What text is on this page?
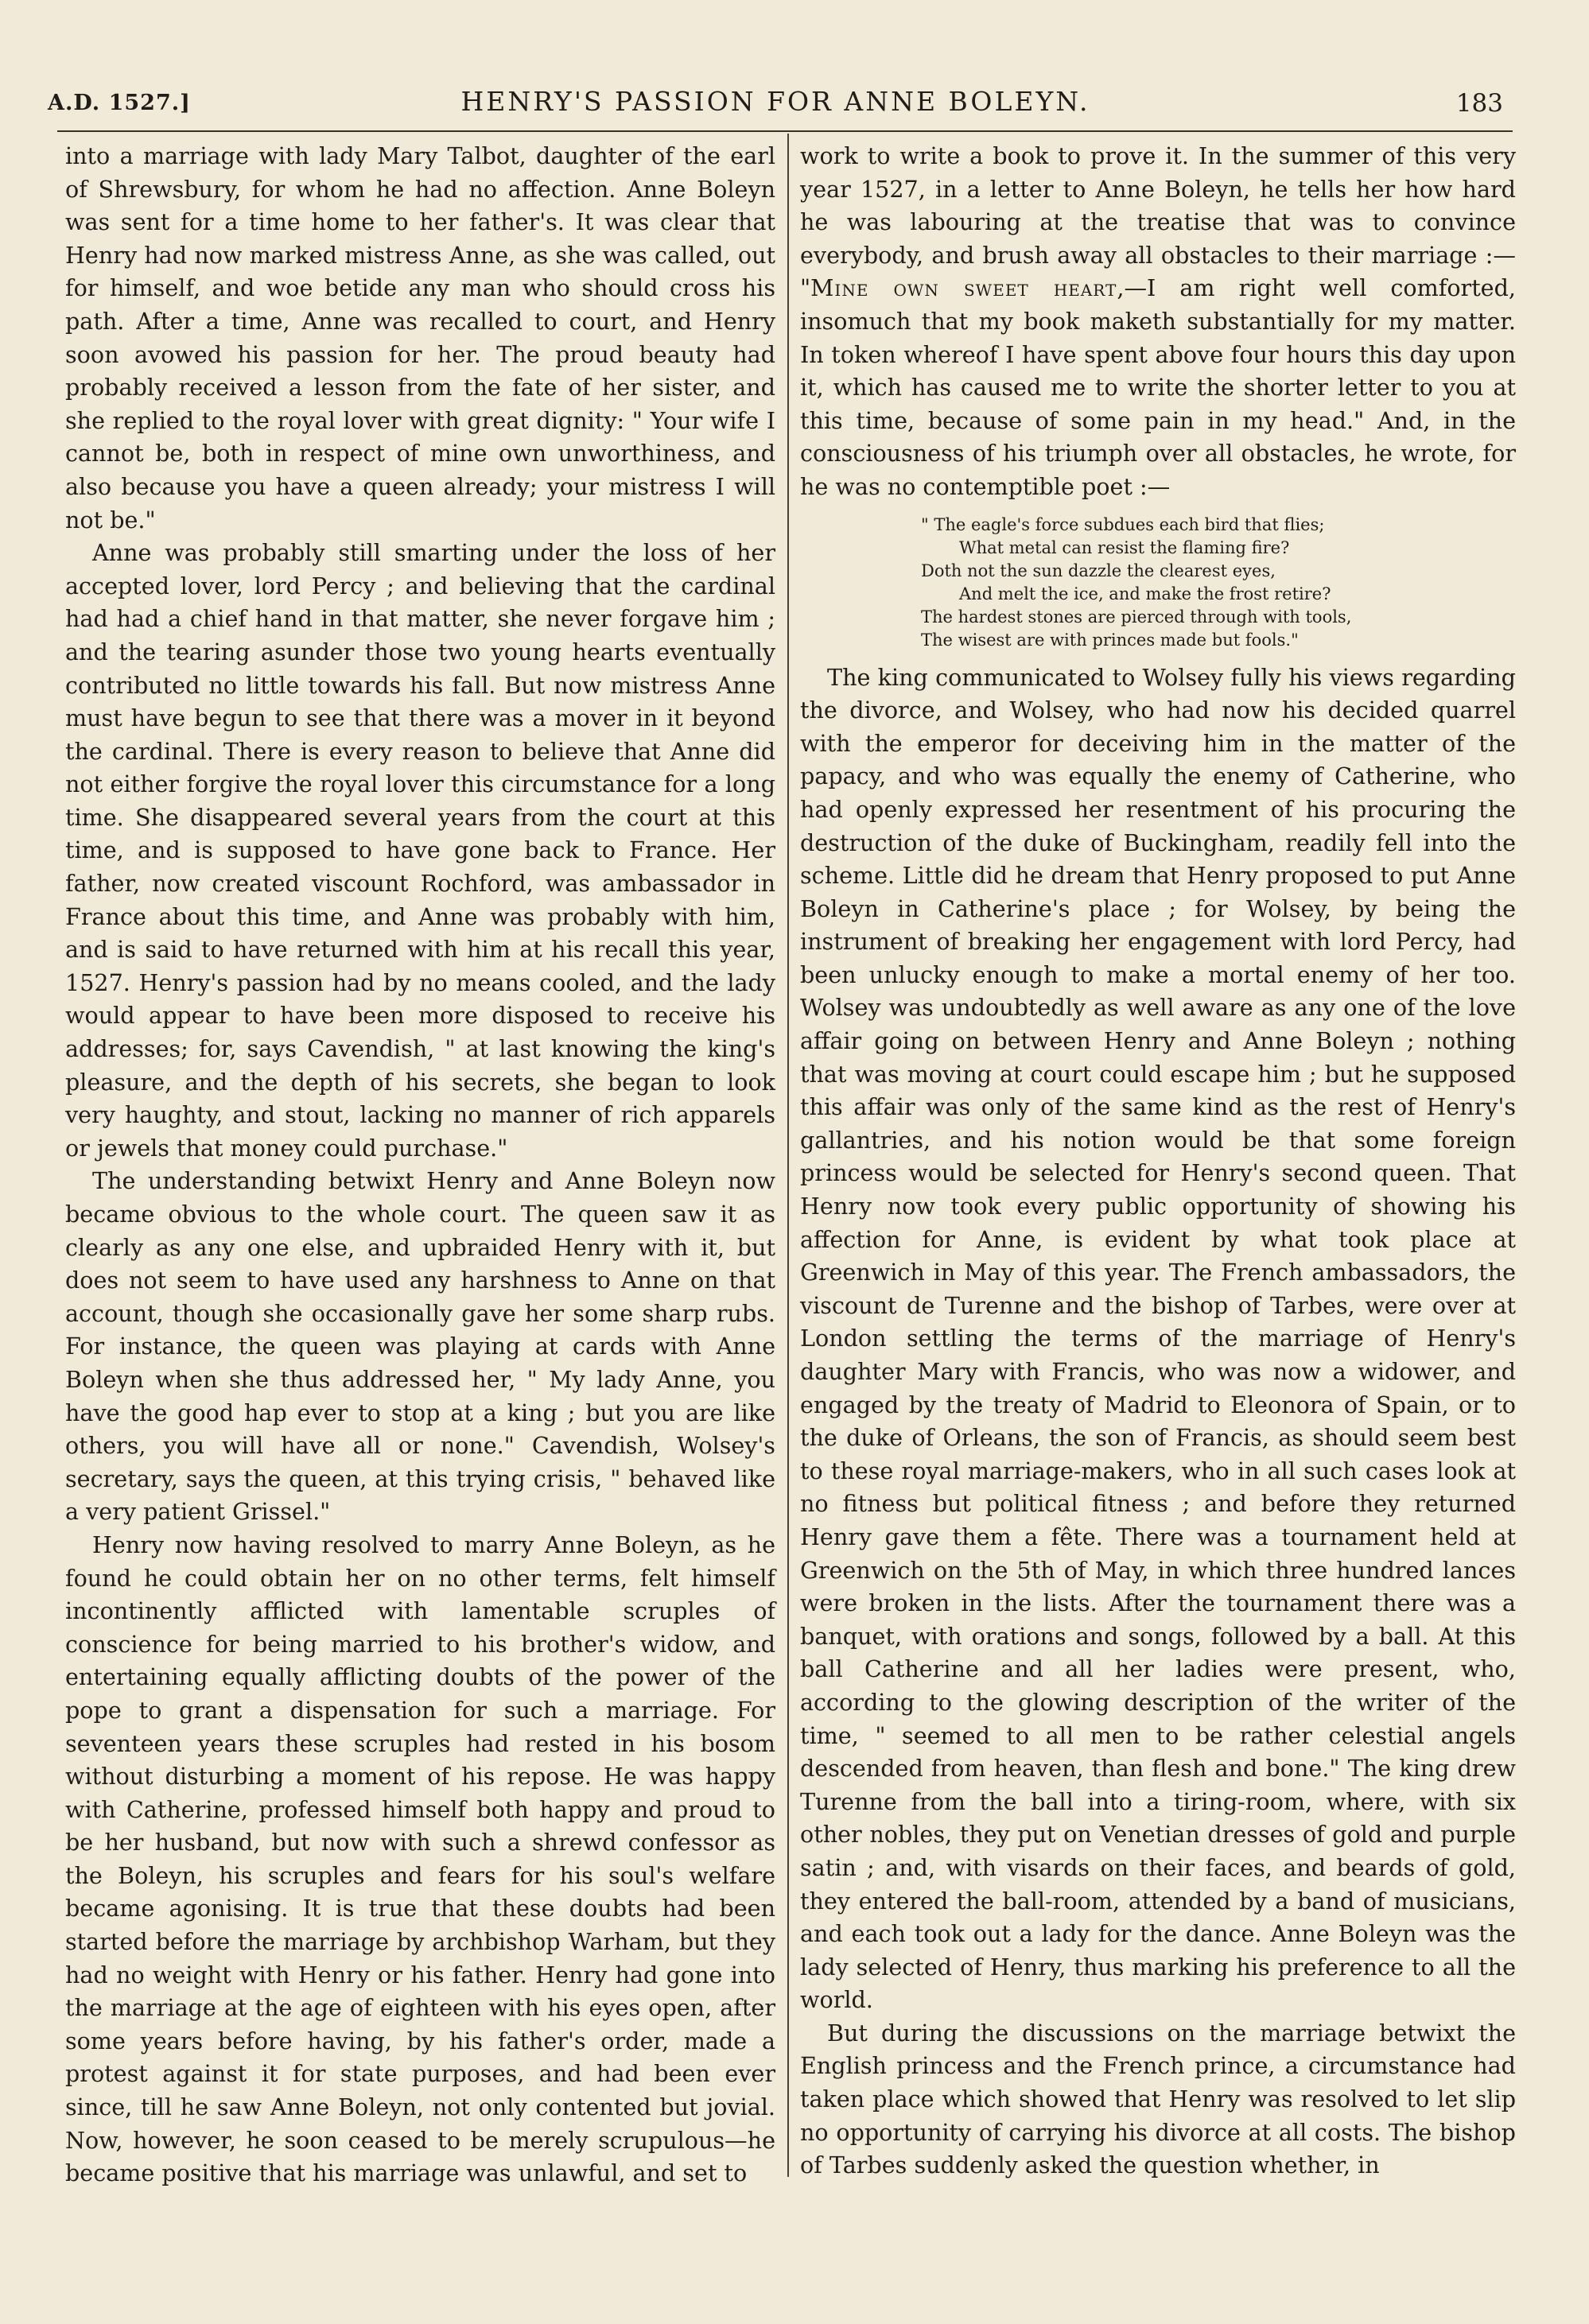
A.D. 1527.]	HENRY'S PASSION FOR ANNE BOLEYN.	183

into a marriage with lady Mary Talbot, daughter of the earl of Shrewsbury, for whom he had no affection. Anne Boleyn was sent for a time home to her father's. It was clear that Henry had now marked mistress Anne, as she was called, out for himself, and woe betide any man who should cross his path. After a time, Anne was recalled to court, and Henry soon avowed his passion for her. The proud beauty had probably received a lesson from the fate of her sister, and she replied to the royal lover with great dignity: " Your wife I cannot be, both in respect of mine own unworthiness, and also because you have a queen already; your mistress I will not be."

Anne was probably still smarting under the loss of her accepted lover, lord Percy ; and believing that the cardinal had had a chief hand in that matter, she never forgave him ; and the tearing asunder those two young hearts eventually contributed no little towards his fall. But now mistress Anne must have begun to see that there was a mover in it beyond the cardinal. There is every reason to believe that Anne did not either forgive the royal lover this circumstance for a long time. She disappeared several years from the court at this time, and is supposed to have gone back to France. Her father, now created viscount Rochford, was ambassador in France about this time, and Anne was probably with him, and is said to have returned with him at his recall this year, 1527. Henry's passion had by no means cooled, and the lady would appear to have been more disposed to receive his addresses; for, says Cavendish, " at last knowing the king's pleasure, and the depth of his secrets, she began to look very haughty, and stout, lacking no manner of rich apparels or jewels that money could purchase."

The understanding betwixt Henry and Anne Boleyn now became obvious to the whole court. The queen saw it as clearly as any one else, and upbraided Henry with it, but does not seem to have used any harshness to Anne on that account, though she occasionally gave her some sharp rubs. For instance, the queen was playing at cards with Anne Boleyn when she thus addressed her, " My lady Anne, you have the good hap ever to stop at a king ; but you are like others, you will have all or none." Cavendish, Wolsey's secretary, says the queen, at this trying crisis, " behaved like a very patient Grissel."

Henry now having resolved to marry Anne Boleyn, as he found he could obtain her on no other terms, felt himself incontinently afflicted with lamentable scruples of conscience for being married to his brother's widow, and entertaining equally afflicting doubts of the power of the pope to grant a dispensation for such a marriage. For seventeen years these scruples had rested in his bosom without disturbing a moment of his repose. He was happy with Catherine, professed himself both happy and proud to be her husband, but now with such a shrewd confessor as the Boleyn, his scruples and fears for his soul's welfare became agonising. It is true that these doubts had been started before the marriage by archbishop Warham, but they had no weight with Henry or his father. Henry had gone into the marriage at the age of eighteen with his eyes open, after some years before having, by his father's order, made a protest against it for state purposes, and had been ever since, till he saw Anne Boleyn, not only contented but jovial. Now, however, he soon ceased to be merely scrupulous—he became positive that his marriage was unlawful, and set to

work to write a book to prove it. In the summer of this very year 1527, in a letter to Anne Boleyn, he tells her how hard he was labouring at the treatise that was to convince everybody, and brush away all obstacles to their marriage :— "Mine own sweet heart,—I am right well comforted, insomuch that my book maketh substantially for my matter. In token whereof I have spent above four hours this day upon it, which has caused me to write the shorter letter to you at this time, because of some pain in my head." And, in the consciousness of his triumph over all obstacles, he wrote, for he was no contemptible poet :—

" The eagle's force subdues each bird that flies;
What metal can resist the flaming fire?
Doth not the sun dazzle the clearest eyes,
And melt the ice, and make the frost retire?
The hardest stones are pierced through with tools,
The wisest are with princes made but fools."

The king communicated to Wolsey fully his views regarding the divorce, and Wolsey, who had now his decided quarrel with the emperor for deceiving him in the matter of the papacy, and who was equally the enemy of Catherine, who had openly expressed her resentment of his procuring the destruction of the duke of Buckingham, readily fell into the scheme. Little did he dream that Henry proposed to put Anne Boleyn in Catherine's place ; for Wolsey, by being the instrument of breaking her engagement with lord Percy, had been unlucky enough to make a mortal enemy of her too. Wolsey was undoubtedly as well aware as any one of the love affair going on between Henry and Anne Boleyn ; nothing that was moving at court could escape him ; but he supposed this affair was only of the same kind as the rest of Henry's gallantries, and his notion would be that some foreign princess would be selected for Henry's second queen. That Henry now took every public opportunity of showing his affection for Anne, is evident by what took place at Greenwich in May of this year. The French ambassadors, the viscount de Turenne and the bishop of Tarbes, were over at London settling the terms of the marriage of Henry's daughter Mary with Francis, who was now a widower, and engaged by the treaty of Madrid to Eleonora of Spain, or to the duke of Orleans, the son of Francis, as should seem best to these royal marriage-makers, who in all such cases look at no fitness but political fitness ; and before they returned Henry gave them a fête. There was a tournament held at Greenwich on the 5th of May, in which three hundred lances were broken in the lists. After the tournament there was a banquet, with orations and songs, followed by a ball. At this ball Catherine and all her ladies were present, who, according to the glowing description of the writer of the time, " seemed to all men to be rather celestial angels descended from heaven, than flesh and bone." The king drew Turenne from the ball into a tiring-room, where, with six other nobles, they put on Venetian dresses of gold and purple satin ; and, with visards on their faces, and beards of gold, they entered the ball-room, attended by a band of musicians, and each took out a lady for the dance. Anne Boleyn was the lady selected of Henry, thus marking his preference to all the world.

But during the discussions on the marriage betwixt the English princess and the French prince, a circumstance had taken place which showed that Henry was resolved to let slip no opportunity of carrying his divorce at all costs. The bishop of Tarbes suddenly asked the question whether, in
